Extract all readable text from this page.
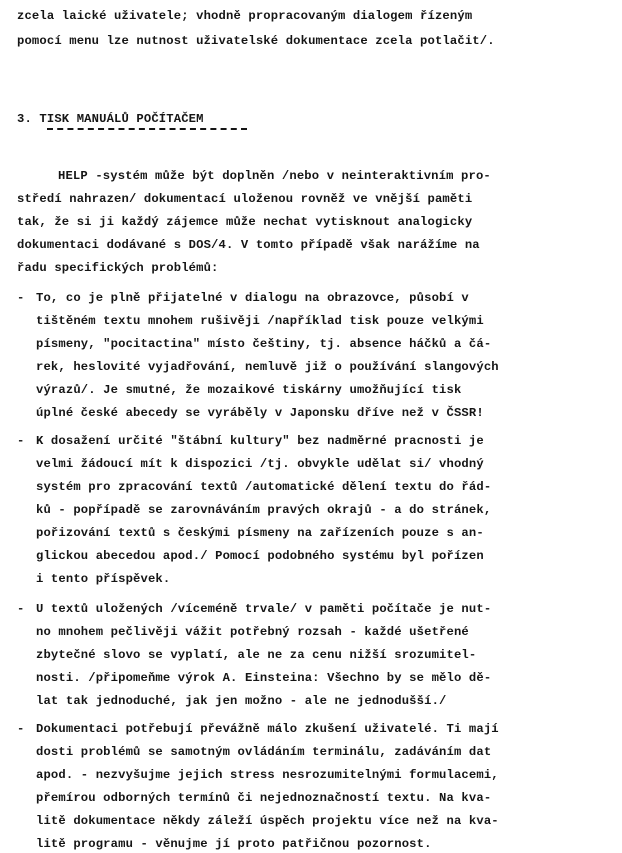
zcela laické uživatele; vhodně propracovaným dialogem řízeným
pomocí menu lze nutnost uživatelské dokumentace zcela potlačit/.
3. TISK MANUÁLŮ POČÍTAČEM
HELP -systém může být doplněn /nebo v neinteraktivním pro-
středí nahrazen/ dokumentací uloženou rovněž ve vnější paměti
tak, že si ji každý zájemce může nechat vytisknout analogicky
dokumentaci dodávané s DOS/4. V tomto případě však narážíme na
řadu specifických problémů:
- To, co je plně přijatelné v dialogu na obrazovce, působí v
tištěném textu mnohem rušivěji /například tisk pouze velkými
písmeny, "pocitactina" místo češtiny, tj. absence háčků a čá-
rek, heslovité vyjadřování, nemluvě již o používání slangových
výrazů/. Je smutné, že mozaikové tiskárny umožňující tisk
úplné české abecedy se vyráběly v Japonsku dříve než v ČSSR!
- K dosažení určité "štábní kultury" bez nadměrné pracnosti je
velmi žádoucí mít k dispozici /tj. obvykle udělat si/ vhodný
systém pro zpracování textů /automatické dělení textu do řád-
ků - popřípadě se zarovnáváním pravých okrajů - a do stránek,
pořizování textů s českými písmeny na zařízeních pouze s an-
glickou abecedou apod./ Pomocí podobného systému byl pořízen
i tento příspěvek.
- U textů uložených /víceméně trvale/ v paměti počítače je nut-
no mnohem pečlivěji vážit potřebný rozsah - každé ušetřené
zbytečné slovo se vyplatí, ale ne za cenu nižší srozumitel-
nosti. /připomeňme výrok A. Einsteina: Všechno by se mělo dě-
lat tak jednoduché, jak jen možno - ale ne jednodušší./
- Dokumentaci potřebují převážně málo zkušení uživatelé. Ti mají
dosti problémů se samotným ovládáním terminálu, zadáváním dat
apod. - nezvyšujme jejich stress nesrozumitelnými formulacemi,
přemírou odborných termínů či nejednoznačností textu. Na kva-
litě dokumentace někdy záleží úspěch projektu více než na kva-
litě programu - věnujme jí proto patřičnou pozornost.
